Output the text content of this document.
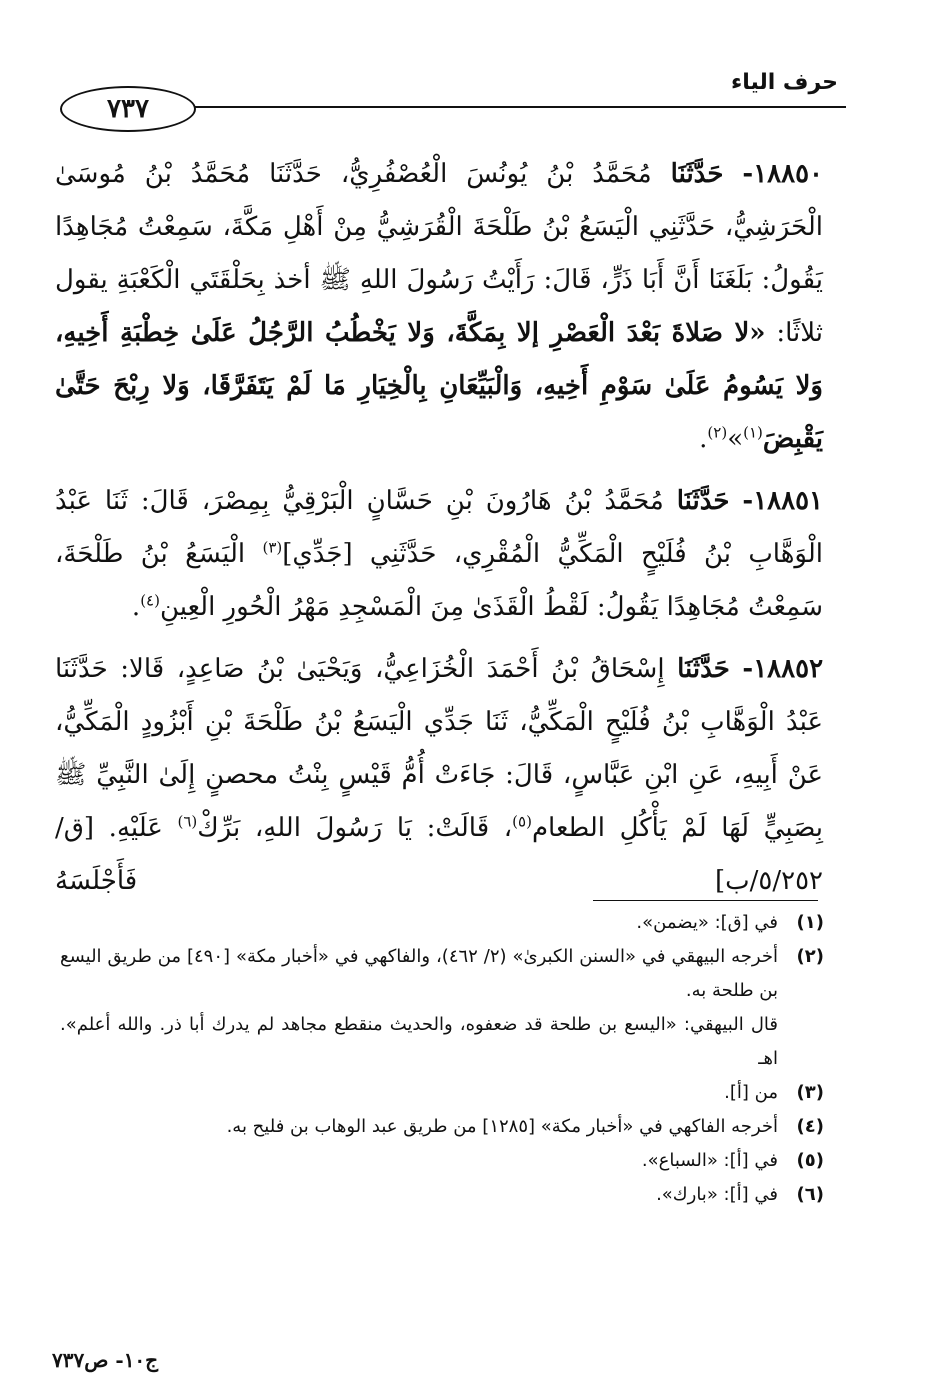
حرف الياء
٧٣٧

١٨٨٥٠- حَدَّثَنَا مُحَمَّدُ بْنُ يُونُسَ الْعُصْفُرِيُّ، حَدَّثَنَا مُحَمَّدُ بْنُ مُوسَىٰ الْحَرَشِيُّ، حَدَّثَنِي الْيَسَعُ بْنُ طَلْحَةَ الْقُرَشِيُّ مِنْ أَهْلِ مَكَّةَ، سَمِعْتُ مُجَاهِدًا يَقُولُ: بَلَغَنَا أَنَّ أَبَا ذَرٍّ، قَالَ: رَأَيْتُ رَسُولَ اللهِ ﷺ أخذ بِحَلْقَتَي الْكَعْبَةِ يقول ثلاثًا: «لا صَلاةَ بَعْدَ الْعَصْرِ إلا بِمَكَّةَ، وَلا يَخْطُبُ الرَّجُلُ عَلَىٰ خِطْبَةِ أَخِيهِ، وَلا يَسُومُ عَلَىٰ سَوْمِ أَخِيهِ، وَالْبَيِّعَانِ بِالْخِيَارِ مَا لَمْ يَتَفَرَّقَا، وَلا رِبْحَ حَتَّىٰ يَقْبِضَ$^{(١)}$»$^{(٢)}$.

١٨٨٥١- حَدَّثَنَا مُحَمَّدُ بْنُ هَارُونَ بْنِ حَسَّانٍ الْبَرْقِيُّ بِمِصْرَ، قَالَ: ثَنَا عَبْدُ الْوَهَّابِ بْنُ فُلَيْحٍ الْمَكِّيُّ الْمُقْرِي، حَدَّثَنِي [جَدِّي]$^{(٣)}$ الْيَسَعُ بْنُ طَلْحَةَ، سَمِعْتُ مُجَاهِدًا يَقُولُ: لَقْطُ الْقَذَىٰ مِنَ الْمَسْجِدِ مَهْرُ الْحُورِ الْعِينِ$^{(٤)}$.

١٨٨٥٢- حَدَّثَنَا إِسْحَاقُ بْنُ أَحْمَدَ الْخُزَاعِيُّ، وَيَحْيَىٰ بْنُ صَاعِدٍ، قَالا: حَدَّثَنَا عَبْدُ الْوَهَّابِ بْنُ فُلَيْحٍ الْمَكِّيُّ، ثَنَا جَدِّي الْيَسَعُ بْنُ طَلْحَةَ بْنِ أَبْزُودٍ الْمَكِّيُّ، عَنْ أَبِيهِ، عَنِ ابْنِ عَبَّاسٍ، قَالَ: جَاءَتْ أُمُّ قَيْسٍ بِنْتُ محصنٍ إِلَىٰ النَّبِيِّ ﷺ بِصَبِيٍّ لَهَا لَمْ يَأْكُلِ الطعام$^{(٥)}$، قَالَتْ: يَا رَسُولَ اللهِ، بَرِّكْ$^{(٦)}$ عَلَيْهِ. [ق/٥/٢٥٢/ب] فَأَجْلَسَهُ

(١)
في [ق]: «يضمن».
(٢)
أخرجه البيهقي في «السنن الكبرىٰ» (٢/ ٤٦٢)، والفاكهي في «أخبار مكة» [٤٩٠] من طريق اليسع بن طلحة به.
قال البيهقي: «اليسع بن طلحة قد ضعفوه، والحديث منقطع مجاهد لم يدرك أبا ذر. والله أعلم». اهـ
(٣)
من [أ].
(٤)
أخرجه الفاكهي في «أخبار مكة» [١٢٨٥] من طريق عبد الوهاب بن فليح به.
(٥)
في [أ]: «السباع».
(٦)
في [أ]: «بارك».
ج١٠- ص٧٣٧
